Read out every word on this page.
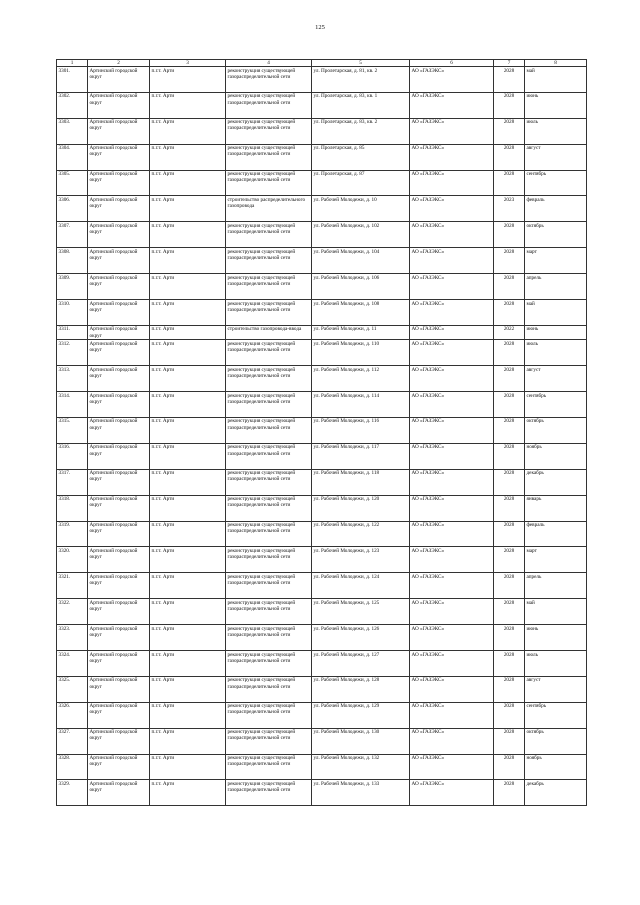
125
1	2	3	4	5	6	7	8
3301.	Артинский городской округ	п.г.т. Арти	реконструкция существующей газораспределительной сети	ул. Пролетарская, д. 81, кв. 2	АО «ГАЗЭКС»	2028	май
3302.	Артинский городской округ	п.г.т. Арти	реконструкция существующей газораспределительной сети	ул. Пролетарская, д. 83, кв. 1	АО «ГАЗЭКС»	2028	июнь
3303.	Артинский городской округ	п.г.т. Арти	реконструкция существующей газораспределительной сети	ул. Пролетарская, д. 83, кв. 2	АО «ГАЗЭКС»	2028	июль
3304.	Артинский городской округ	п.г.т. Арти	реконструкция существующей газораспределительной сети	ул. Пролетарская, д. 85	АО «ГАЗЭКС»	2028	август
3305.	Артинский городской округ	п.г.т. Арти	реконструкция существующей газораспределительной сети	ул. Пролетарская, д. 87	АО «ГАЗЭКС»	2028	сентябрь
3306.	Артинский городской округ	п.г.т. Арти	строительство распределительного газопровода	ул. Рабочей Молодежи, д. 10	АО «ГАЗЭКС»	2023	февраль
3307.	Артинский городской округ	п.г.т. Арти	реконструкция существующей газораспределительной сети	ул. Рабочей Молодежи, д. 102	АО «ГАЗЭКС»	2028	октябрь
3308.	Артинский городской округ	п.г.т. Арти	реконструкция существующей газораспределительной сети	ул. Рабочей Молодежи, д. 104	АО «ГАЗЭКС»	2028	март
3309.	Артинский городской округ	п.г.т. Арти	реконструкция существующей газораспределительной сети	ул. Рабочей Молодежи, д. 106	АО «ГАЗЭКС»	2028	апрель
3310.	Артинский городской округ	п.г.т. Арти	реконструкция существующей газораспределительной сети	ул. Рабочей Молодежи, д. 108	АО «ГАЗЭКС»	2028	май
3311.	Артинский городской округ	п.г.т. Арти	строительство газопровода-ввода	ул. Рабочей Молодежи, д. 11	АО «ГАЗЭКС»	2022	июнь
3312.	Артинский городской округ	п.г.т. Арти	реконструкция существующей газораспределительной сети	ул. Рабочей Молодежи, д. 110	АО «ГАЗЭКС»	2028	июль
3313.	Артинский городской округ	п.г.т. Арти	реконструкция существующей газораспределительной сети	ул. Рабочей Молодежи, д. 112	АО «ГАЗЭКС»	2028	август
3314.	Артинский городской округ	п.г.т. Арти	реконструкция существующей газораспределительной сети	ул. Рабочей Молодежи, д. 114	АО «ГАЗЭКС»	2028	сентябрь
3315.	Артинский городской округ	п.г.т. Арти	реконструкция существующей газораспределительной сети	ул. Рабочей Молодежи, д. 116	АО «ГАЗЭКС»	2028	октябрь
3316.	Артинский городской округ	п.г.т. Арти	реконструкция существующей газораспределительной сети	ул. Рабочей Молодежи, д. 117	АО «ГАЗЭКС»	2028	ноябрь
3317.	Артинский городской округ	п.г.т. Арти	реконструкция существующей газораспределительной сети	ул. Рабочей Молодежи, д. 118	АО «ГАЗЭКС»	2028	декабрь
3318.	Артинский городской округ	п.г.т. Арти	реконструкция существующей газораспределительной сети	ул. Рабочей Молодежи, д. 120	АО «ГАЗЭКС»	2028	январь
3319.	Артинский городской округ	п.г.т. Арти	реконструкция существующей газораспределительной сети	ул. Рабочей Молодежи, д. 122	АО «ГАЗЭКС»	2028	февраль
3320.	Артинский городской округ	п.г.т. Арти	реконструкция существующей газораспределительной сети	ул. Рабочей Молодежи, д. 123	АО «ГАЗЭКС»	2028	март
3321.	Артинский городской округ	п.г.т. Арти	реконструкция существующей газораспределительной сети	ул. Рабочей Молодежи, д. 124	АО «ГАЗЭКС»	2028	апрель
3322.	Артинский городской округ	п.г.т. Арти	реконструкция существующей газораспределительной сети	ул. Рабочей Молодежи, д. 125	АО «ГАЗЭКС»	2028	май
3323.	Артинский городской округ	п.г.т. Арти	реконструкция существующей газораспределительной сети	ул. Рабочей Молодежи, д. 126	АО «ГАЗЭКС»	2028	июнь
3324.	Артинский городской округ	п.г.т. Арти	реконструкция существующей газораспределительной сети	ул. Рабочей Молодежи, д. 127	АО «ГАЗЭКС»	2028	июль
3325.	Артинский городской округ	п.г.т. Арти	реконструкция существующей газораспределительной сети	ул. Рабочей Молодежи, д. 128	АО «ГАЗЭКС»	2028	август
3326.	Артинский городской округ	п.г.т. Арти	реконструкция существующей газораспределительной сети	ул. Рабочей Молодежи, д. 129	АО «ГАЗЭКС»	2028	сентябрь
3327.	Артинский городской округ	п.г.т. Арти	реконструкция существующей газораспределительной сети	ул. Рабочей Молодежи, д. 130	АО «ГАЗЭКС»	2028	октябрь
3328.	Артинский городской округ	п.г.т. Арти	реконструкция существующей газораспределительной сети	ул. Рабочей Молодежи, д. 132	АО «ГАЗЭКС»	2028	ноябрь
3329.	Артинский городской округ	п.г.т. Арти	реконструкция существующей газораспределительной сети	ул. Рабочей Молодежи, д. 133	АО «ГАЗЭКС»	2028	декабрь
